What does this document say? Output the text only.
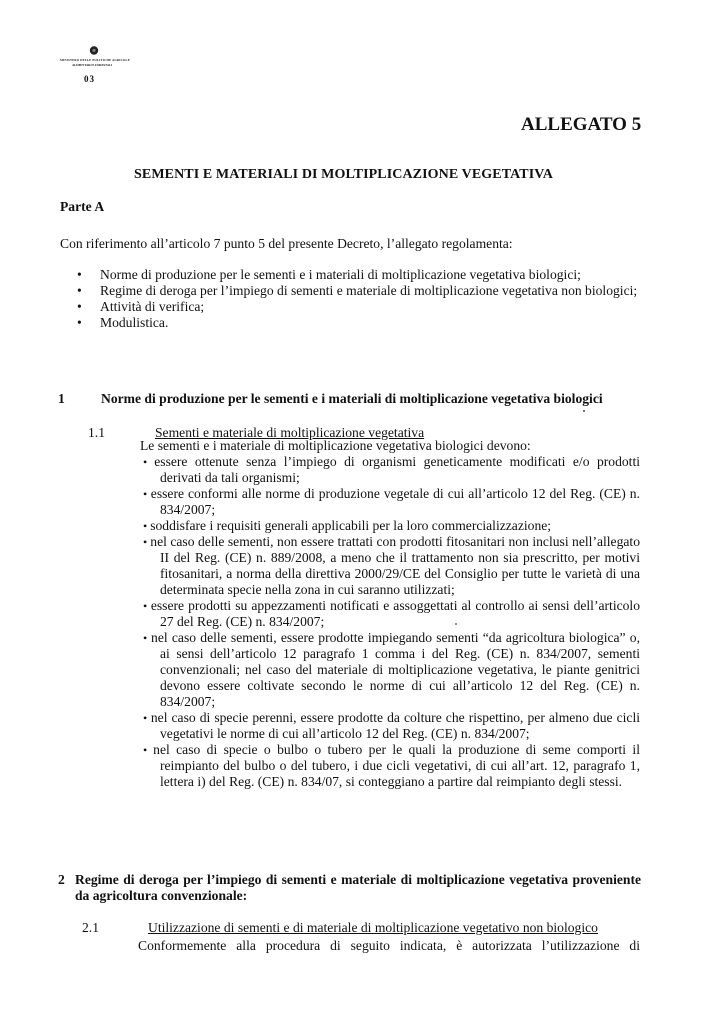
MINISTERO DELLE POLITICHE AGRICOLE
ALIMENTARI E FORESTALI
03
ALLEGATO 5
SEMENTI E MATERIALI DI MOLTIPLICAZIONE VEGETATIVA
Parte A
Con riferimento all’articolo 7 punto 5 del presente Decreto, l’allegato regolamenta:
• Norme di produzione per le sementi e i materiali di moltiplicazione vegetativa biologici;
• Regime di deroga per l’impiego di sementi e materiale di moltiplicazione vegetativa non biologici;
• Attività di verifica;
• Modulistica.
1	Norme di produzione per le sementi e i materiali di moltiplicazione vegetativa biologici
1.1	Sementi e materiale di moltiplicazione vegetativa
Le sementi e i materiale di moltiplicazione vegetativa biologici devono:
• essere ottenute senza l’impiego di organismi geneticamente modificati e/o prodotti derivati da tali organismi;
• essere conformi alle norme di produzione vegetale di cui all’articolo 12 del Reg. (CE) n. 834/2007;
• soddisfare i requisiti generali applicabili per la loro commercializzazione;
• nel caso delle sementi, non essere trattati con prodotti fitosanitari non inclusi nell’allegato II del Reg. (CE) n. 889/2008, a meno che il trattamento non sia prescritto, per motivi fitosanitari, a norma della direttiva 2000/29/CE del Consiglio per tutte le varietà di una determinata specie nella zona in cui saranno utilizzati;
• essere prodotti su appezzamenti notificati e assoggettati al controllo ai sensi dell’articolo 27 del Reg. (CE) n. 834/2007;
• nel caso delle sementi, essere prodotte impiegando sementi “da agricoltura biologica” o, ai sensi dell’articolo 12 paragrafo 1 comma i del Reg. (CE) n. 834/2007, sementi convenzionali; nel caso del materiale di moltiplicazione vegetativa, le piante genitrici devono essere coltivate secondo le norme di cui all’articolo 12 del Reg. (CE) n. 834/2007;
• nel caso di specie perenni, essere prodotte da colture che rispettino, per almeno due cicli vegetativi le norme di cui all’articolo 12 del Reg. (CE) n. 834/2007;
• nel caso di specie o bulbo o tubero per le quali la produzione di seme comporti il reimpianto del bulbo o del tubero, i due cicli vegetativi, di cui all’art. 12, paragrafo 1, lettera i) del Reg. (CE) n. 834/07, si conteggiano a partire dal reimpianto degli stessi.
2 Regime di deroga per l’impiego di sementi e materiale di moltiplicazione vegetativa proveniente da agricoltura convenzionale:
2.1	Utilizzazione di sementi e di materiale di moltiplicazione vegetativo non biologico
Conformemente alla procedura di seguito indicata, è autorizzata l’utilizzazione di
